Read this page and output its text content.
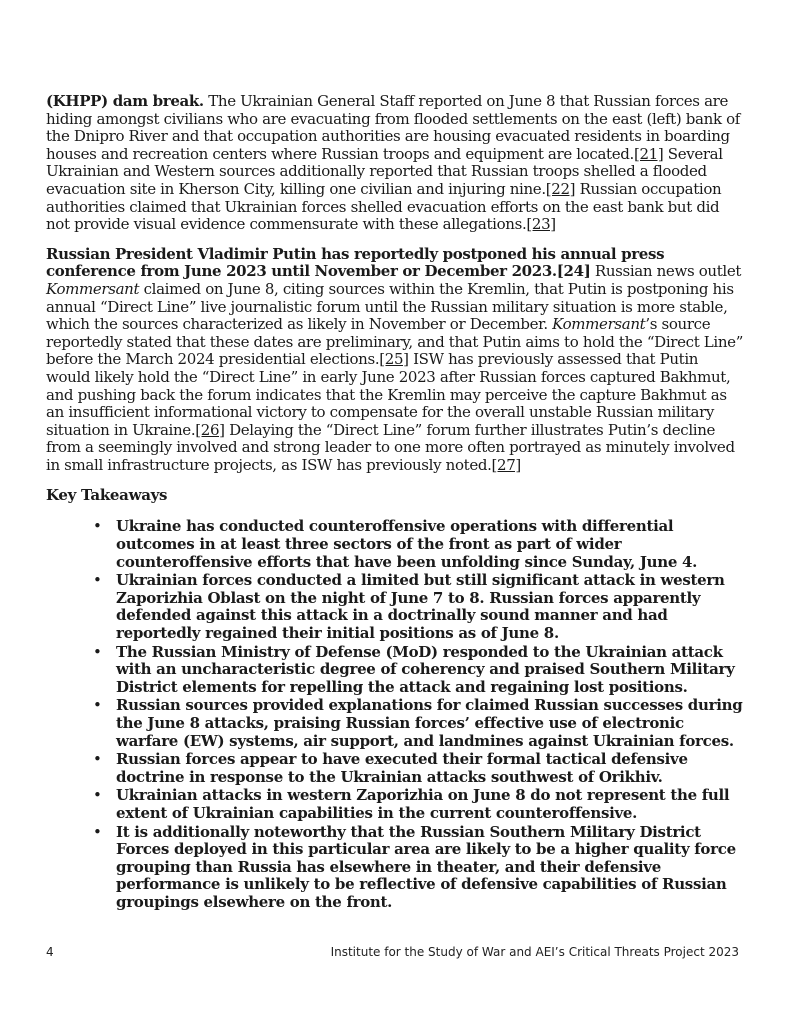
(KHPP) dam break. The Ukrainian General Staff reported on June 8 that Russian forces are hiding amongst civilians who are evacuating from flooded settlements on the east (left) bank of the Dnipro River and that occupation authorities are housing evacuated residents in boarding houses and recreation centers where Russian troops and equipment are located.[21] Several Ukrainian and Western sources additionally reported that Russian troops shelled a flooded evacuation site in Kherson City, killing one civilian and injuring nine.[22] Russian occupation authorities claimed that Ukrainian forces shelled evacuation efforts on the east bank but did not provide visual evidence commensurate with these allegations.[23]

Russian President Vladimir Putin has reportedly postponed his annual press conference from June 2023 until November or December 2023.[24] Russian news outlet Kommersant claimed on June 8, citing sources within the Kremlin, that Putin is postponing his annual “Direct Line” live journalistic forum until the Russian military situation is more stable, which the sources characterized as likely in November or December. Kommersant’s source reportedly stated that these dates are preliminary, and that Putin aims to hold the “Direct Line” before the March 2024 presidential elections.[25] ISW has previously assessed that Putin would likely hold the “Direct Line” in early June 2023 after Russian forces captured Bakhmut, and pushing back the forum indicates that the Kremlin may perceive the capture Bakhmut as an insufficient informational victory to compensate for the overall unstable Russian military situation in Ukraine.[26] Delaying the “Direct Line” forum further illustrates Putin’s decline from a seemingly involved and strong leader to one more often portrayed as minutely involved in small infrastructure projects, as ISW has previously noted.[27]

Key Takeaways
• Ukraine has conducted counteroffensive operations with differential outcomes in at least three sectors of the front as part of wider counteroffensive efforts that have been unfolding since Sunday, June 4.
• Ukrainian forces conducted a limited but still significant attack in western Zaporizhia Oblast on the night of June 7 to 8. Russian forces apparently defended against this attack in a doctrinally sound manner and had reportedly regained their initial positions as of June 8.
• The Russian Ministry of Defense (MoD) responded to the Ukrainian attack with an uncharacteristic degree of coherency and praised Southern Military District elements for repelling the attack and regaining lost positions.
• Russian sources provided explanations for claimed Russian successes during the June 8 attacks, praising Russian forces’ effective use of electronic warfare (EW) systems, air support, and landmines against Ukrainian forces.
• Russian forces appear to have executed their formal tactical defensive doctrine in response to the Ukrainian attacks southwest of Orikhiv.
• Ukrainian attacks in western Zaporizhia on June 8 do not represent the full extent of Ukrainian capabilities in the current counteroffensive.
• It is additionally noteworthy that the Russian Southern Military District Forces deployed in this particular area are likely to be a higher quality force grouping than Russia has elsewhere in theater, and their defensive performance is unlikely to be reflective of defensive capabilities of Russian groupings elsewhere on the front.
4	Institute for the Study of War and AEI’s Critical Threats Project 2023
